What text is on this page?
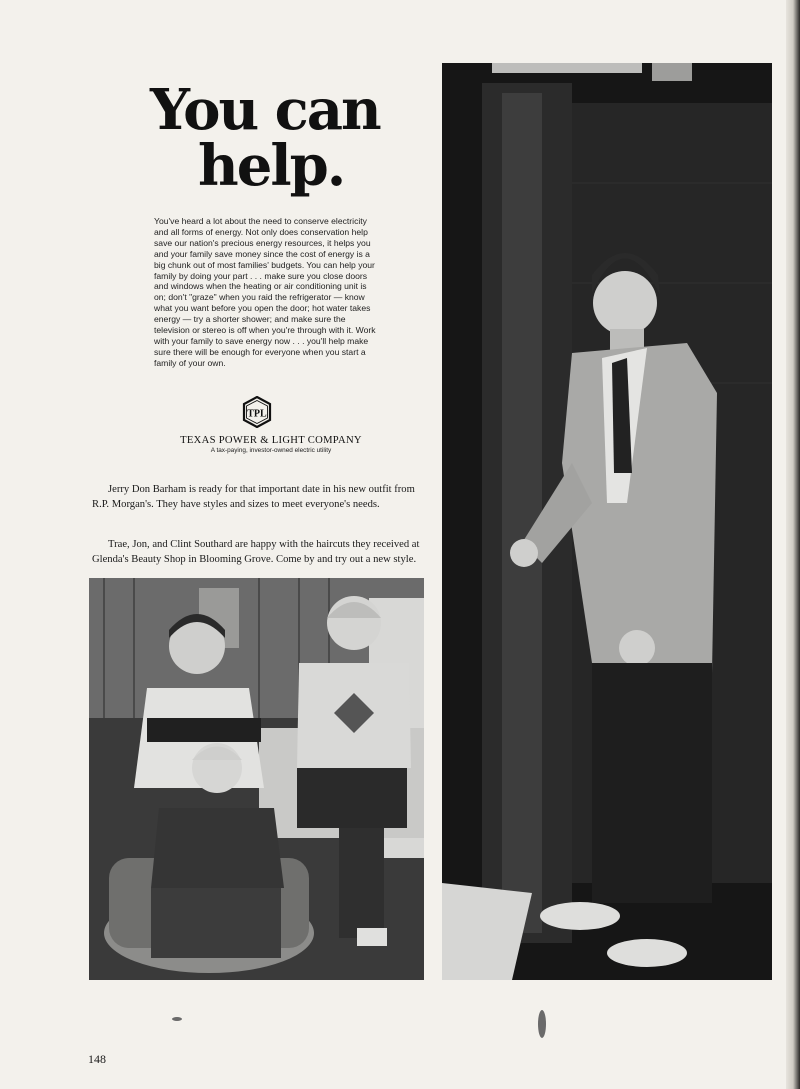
You can
help.

You've heard a lot about the need to conserve electricity and all forms of energy. Not only does conservation help save our nation's precious energy resources, it helps you and your family save money since the cost of energy is a big chunk out of most families' budgets. You can help your family by doing your part . . . make sure you close doors and windows when the heating or air conditioning unit is on; don't "graze" when you raid the refrigerator — know what you want before you open the door; hot water takes energy — try a shorter shower; and make sure the television or stereo is off when you're through with it. Work with your family to save energy now . . . you'll help make sure there will be enough for everyone when you start a family of your own.

TPL
TEXAS POWER & LIGHT COMPANY
A tax-paying, investor-owned electric utility

Jerry Don Barham is ready for that important date in his new outfit from R.P. Morgan's. They have styles and sizes to meet everyone's needs.

Trae, Jon, and Clint Southard are happy with the haircuts they received at Glenda's Beauty Shop in Blooming Grove. Come by and try out a new style.

148
